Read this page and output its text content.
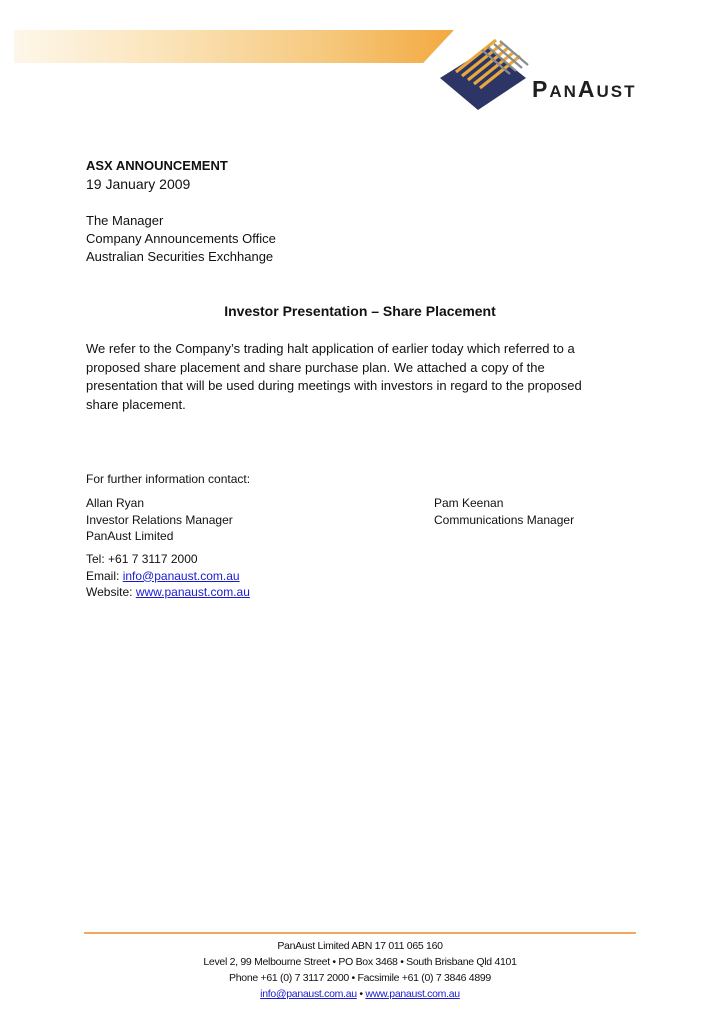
PANAUST
ASX ANNOUNCEMENT
19 January 2009
The Manager
Company Announcements Office
Australian Securities Exchhange
Investor Presentation – Share Placement
We refer to the Company’s trading halt application of earlier today which referred to a proposed share placement and share purchase plan. We attached a copy of the presentation that will be used during meetings with investors in regard to the proposed share placement.
For further information contact:
Allan Ryan
Investor Relations Manager
PanAust Limited
Pam Keenan
Communications Manager
Tel: +61 7 3117 2000
Email: info@panaust.com.au
Website: www.panaust.com.au
PanAust Limited ABN 17 011 065 160
Level 2, 99 Melbourne Street • PO Box 3468 • South Brisbane Qld 4101
Phone +61 (0) 7 3117 2000 • Facsimile +61 (0) 7 3846 4899
info@panaust.com.au • www.panaust.com.au
